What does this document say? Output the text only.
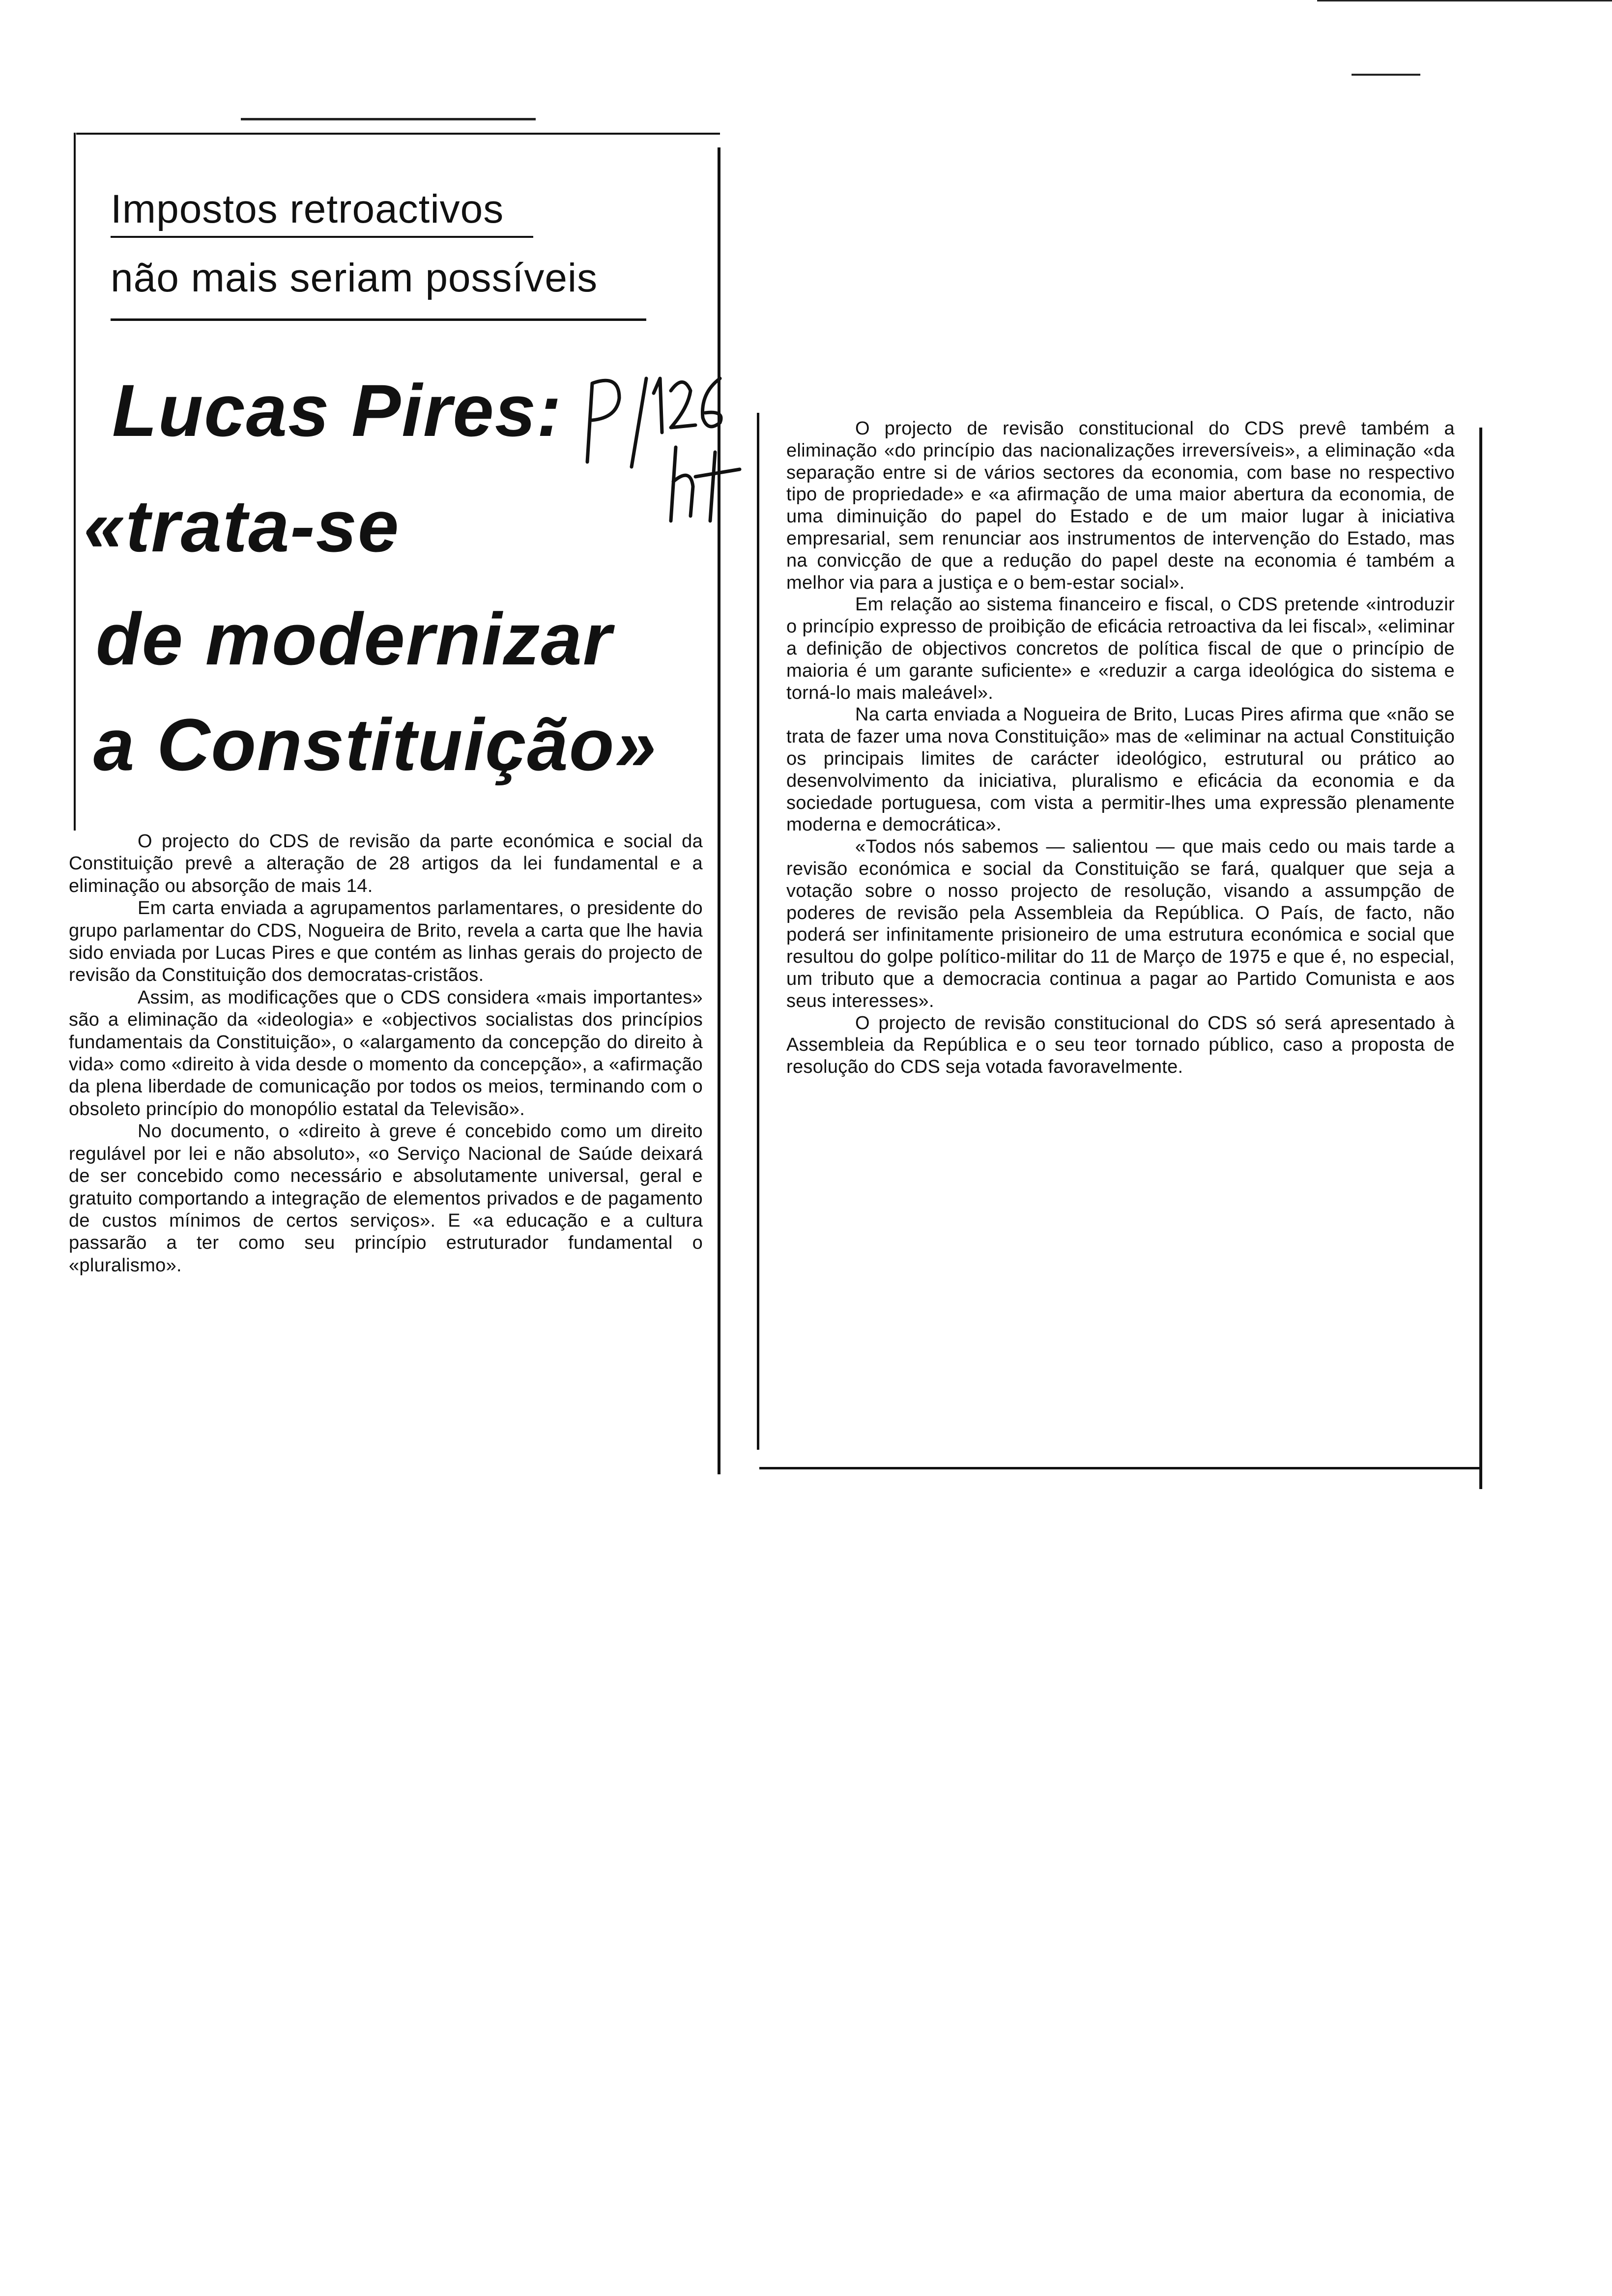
Impostos retroactivos
não mais seriam possíveis
Lucas Pires:
«trata-se
de modernizar
a Constituição»

O projecto do CDS de revisão da parte económica e social da Constituição prevê a alteração de 28 artigos da lei fundamental e a eliminação ou absorção de mais 14.

Em carta enviada a agrupamentos parlamentares, o presidente do grupo parlamentar do CDS, Nogueira de Brito, revela a carta que lhe havia sido enviada por Lucas Pires e que contém as linhas gerais do projecto de revisão da Constituição dos democratas-cristãos.

Assim, as modificações que o CDS considera «mais importantes» são a eliminação da «ideologia» e «objectivos socialistas dos princípios fundamentais da Constituição», o «alargamento da concepção do direito à vida» como «direito à vida desde o momento da concepção», a «afirmação da plena liberdade de comunicação por todos os meios, terminando com o obsoleto princípio do monopólio estatal da Televisão».

No documento, o «direito à greve é concebido como um direito regulável por lei e não absoluto», «o Serviço Nacional de Saúde deixará de ser concebido como necessário e absolutamente universal, geral e gratuito comportando a integração de elementos privados e de pagamento de custos mínimos de certos serviços». E «a educação e a cultura passarão a ter como seu princípio estruturador fundamental o «pluralismo».

O projecto de revisão constitucional do CDS prevê também a eliminação «do princípio das nacionalizações irreversíveis», a eliminação «da separação entre si de vários sectores da economia, com base no respectivo tipo de propriedade» e «a afirmação de uma maior abertura da economia, de uma diminuição do papel do Estado e de um maior lugar à iniciativa empresarial, sem renunciar aos instrumentos de intervenção do Estado, mas na convicção de que a redução do papel deste na economia é também a melhor via para a justiça e o bem-estar social».

Em relação ao sistema financeiro e fiscal, o CDS pretende «introduzir o princípio expresso de proibição de eficácia retroactiva da lei fiscal», «eliminar a definição de objectivos concretos de política fiscal de que o princípio de maioria é um garante suficiente» e «reduzir a carga ideológica do sistema e torná-lo mais maleável».

Na carta enviada a Nogueira de Brito, Lucas Pires afirma que «não se trata de fazer uma nova Constituição» mas de «eliminar na actual Constituição os principais limites de carácter ideológico, estrutural ou prático ao desenvolvimento da iniciativa, pluralismo e eficácia da economia e da sociedade portuguesa, com vista a permitir-lhes uma expressão plenamente moderna e democrática».

«Todos nós sabemos — salientou — que mais cedo ou mais tarde a revisão económica e social da Constituição se fará, qualquer que seja a votação sobre o nosso projecto de resolução, visando a assumpção de poderes de revisão pela Assembleia da República. O País, de facto, não poderá ser infinitamente prisioneiro de uma estrutura económica e social que resultou do golpe político-militar do 11 de Março de 1975 e que é, no especial, um tributo que a democracia continua a pagar ao Partido Comunista e aos seus interesses».

O projecto de revisão constitucional do CDS só será apresentado à Assembleia da República e o seu teor tornado público, caso a proposta de resolução do CDS seja votada favoravelmente.
